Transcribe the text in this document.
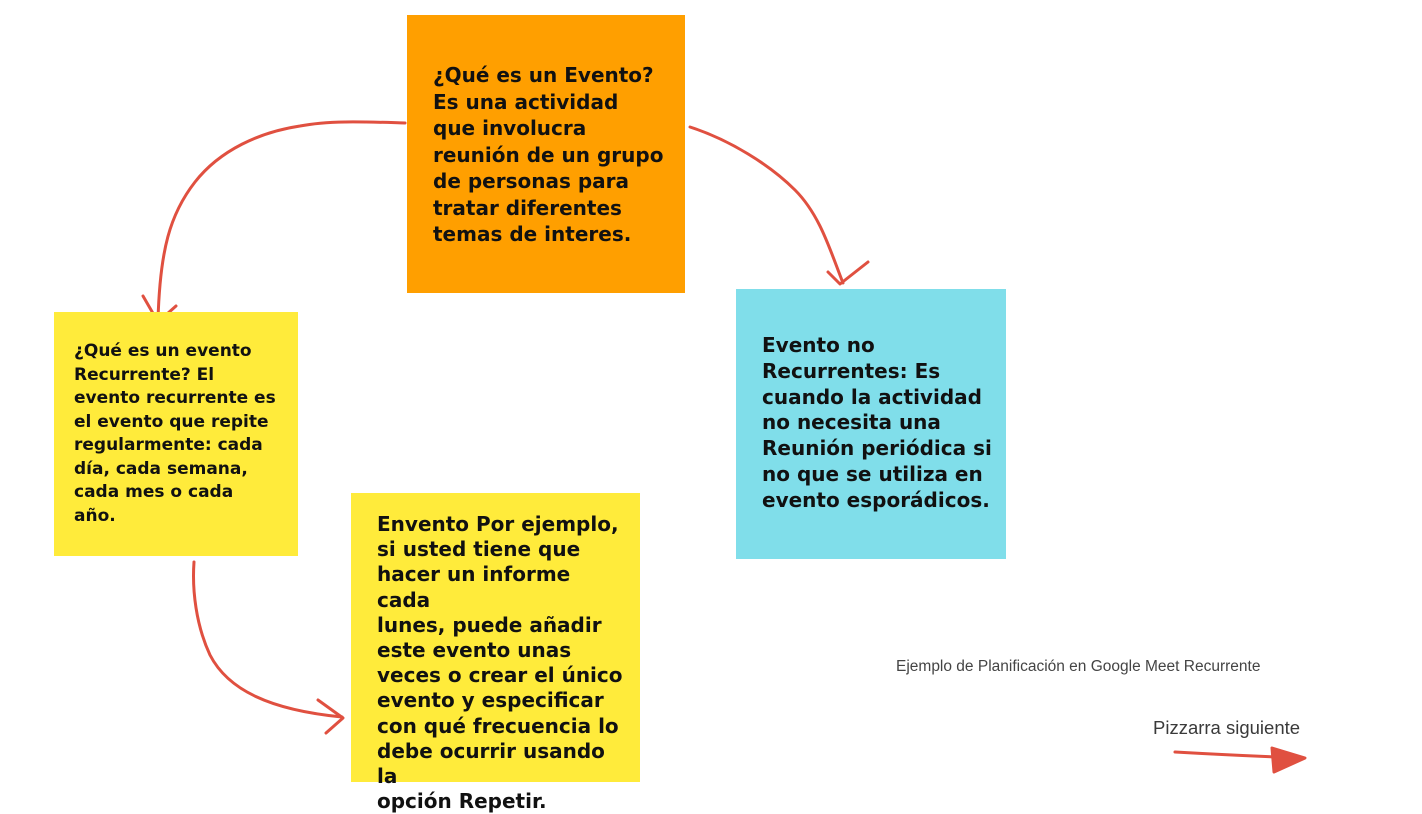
¿Qué es un Evento?
Es una actividad
que involucra
reunión de un grupo
de personas para
tratar diferentes
temas de interes.
¿Qué es un evento
Recurrente? El
evento recurrente es
el evento que repite
regularmente: cada
día, cada semana,
cada mes o cada
año.
Evento no
Recurrentes: Es
cuando la actividad
no necesita una
Reunión periódica si
no que se utiliza en
evento esporádicos.
Envento Por ejemplo,
si usted tiene que
hacer un informe cada
lunes, puede añadir
este evento unas
veces o crear el único
evento y especificar
con qué frecuencia lo
debe ocurrir usando la
opción Repetir.
Ejemplo de Planificación en Google Meet Recurrente
Pizzarra siguiente
